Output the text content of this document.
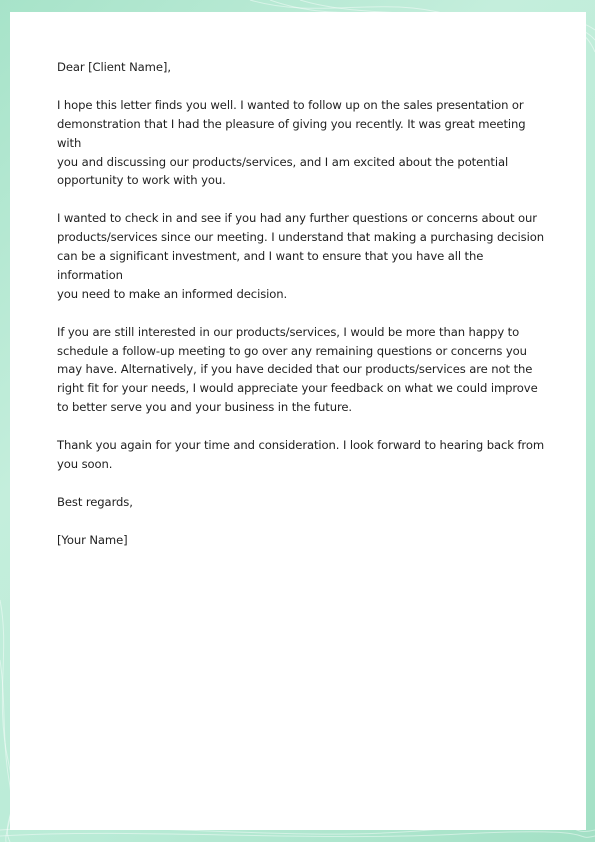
Dear [Client Name],

I hope this letter finds you well. I wanted to follow up on the sales presentation or
demonstration that I had the pleasure of giving you recently. It was great meeting with
you and discussing our products/services, and I am excited about the potential
opportunity to work with you.

I wanted to check in and see if you had any further questions or concerns about our
products/services since our meeting. I understand that making a purchasing decision
can be a significant investment, and I want to ensure that you have all the information
you need to make an informed decision.

If you are still interested in our products/services, I would be more than happy to
schedule a follow-up meeting to go over any remaining questions or concerns you
may have. Alternatively, if you have decided that our products/services are not the
right fit for your needs, I would appreciate your feedback on what we could improve
to better serve you and your business in the future.

Thank you again for your time and consideration. I look forward to hearing back from
you soon.

Best regards,

[Your Name]
